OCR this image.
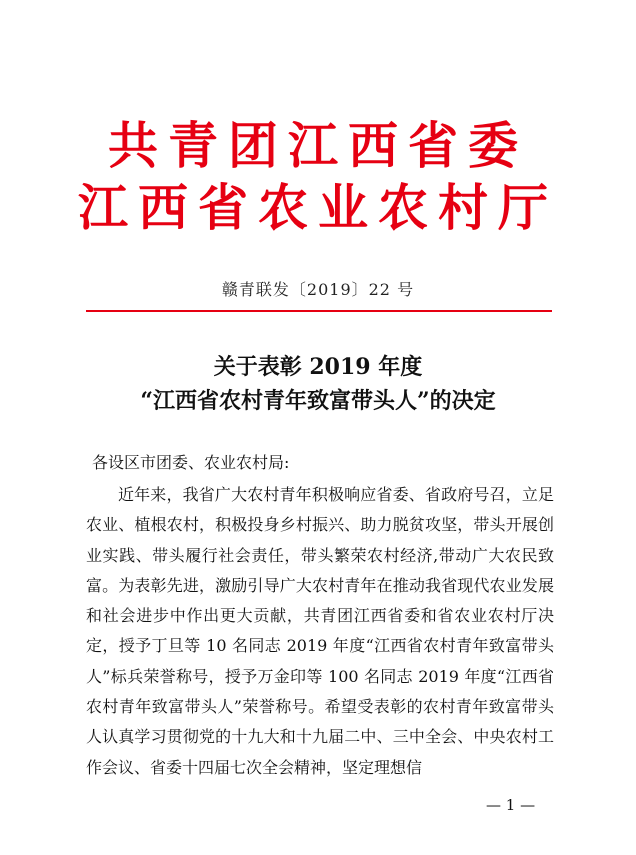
共青团江西省委
江西省农业农村厅
赣青联发〔2019〕22 号
关于表彰 2019 年度
“江西省农村青年致富带头人”的决定
各设区市团委、农业农村局:

近年来，我省广大农村青年积极响应省委、省政府号召，立足农业、植根农村，积极投身乡村振兴、助力脱贫攻坚，带头开展创业实践、带头履行社会责任，带头繁荣农村经济,带动广大农民致富。为表彰先进，激励引导广大农村青年在推动我省现代农业发展和社会进步中作出更大贡献，共青团江西省委和省农业农村厅决定，授予丁旦等 10 名同志 2019 年度“江西省农村青年致富带头人”标兵荣誉称号，授予万金印等 100 名同志 2019 年度“江西省农村青年致富带头人”荣誉称号。希望受表彰的农村青年致富带头人认真学习贯彻党的十九大和十九届二中、三中全会、中央农村工作会议、省委十四届七次全会精神，坚定理想信

— 1 —
